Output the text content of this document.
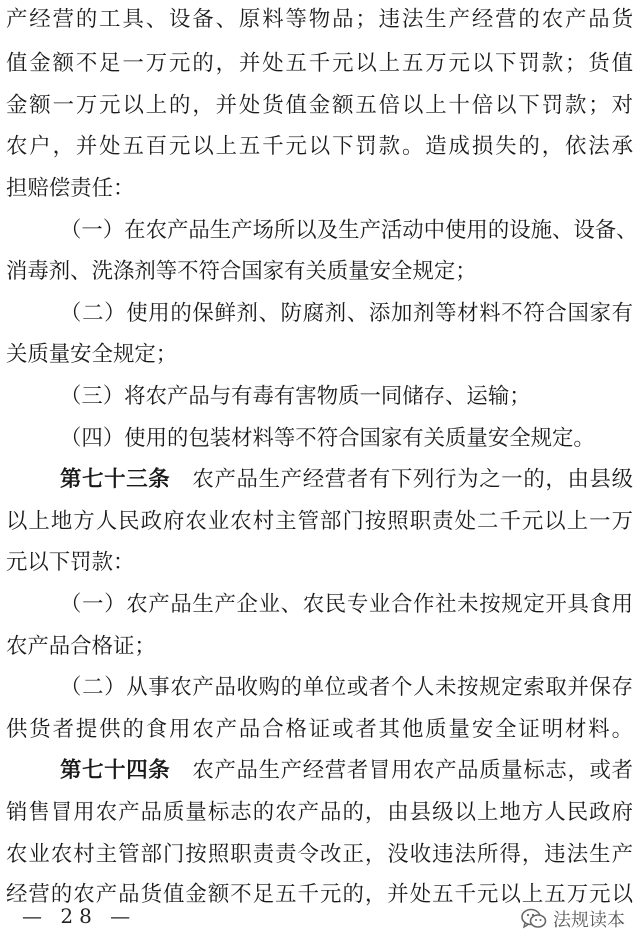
产经营的工具、设备、原料等物品；违法生产经营的农产品货
值金额不足一万元的，并处五千元以上五万元以下罚款；货值
金额一万元以上的，并处货值金额五倍以上十倍以下罚款；对
农户，并处五百元以上五千元以下罚款。造成损失的，依法承
担赔偿责任：
（一）在农产品生产场所以及生产活动中使用的设施、设备、
消毒剂、洗涤剂等不符合国家有关质量安全规定；
（二）使用的保鲜剂、防腐剂、添加剂等材料不符合国家有
关质量安全规定；
（三）将农产品与有毒有害物质一同储存、运输；
（四）使用的包装材料等不符合国家有关质量安全规定。
第七十三条　农产品生产经营者有下列行为之一的，由县级
以上地方人民政府农业农村主管部门按照职责处二千元以上一万
元以下罚款：
（一）农产品生产企业、农民专业合作社未按规定开具食用
农产品合格证；
（二）从事农产品收购的单位或者个人未按规定索取并保存
供货者提供的食用农产品合格证或者其他质量安全证明材料。
第七十四条　农产品生产经营者冒用农产品质量标志，或者
销售冒用农产品质量标志的农产品的，由县级以上地方人民政府
农业农村主管部门按照职责责令改正，没收违法所得，违法生产
经营的农产品货值金额不足五千元的，并处五千元以上五万元以
— 28 —	法规读本
